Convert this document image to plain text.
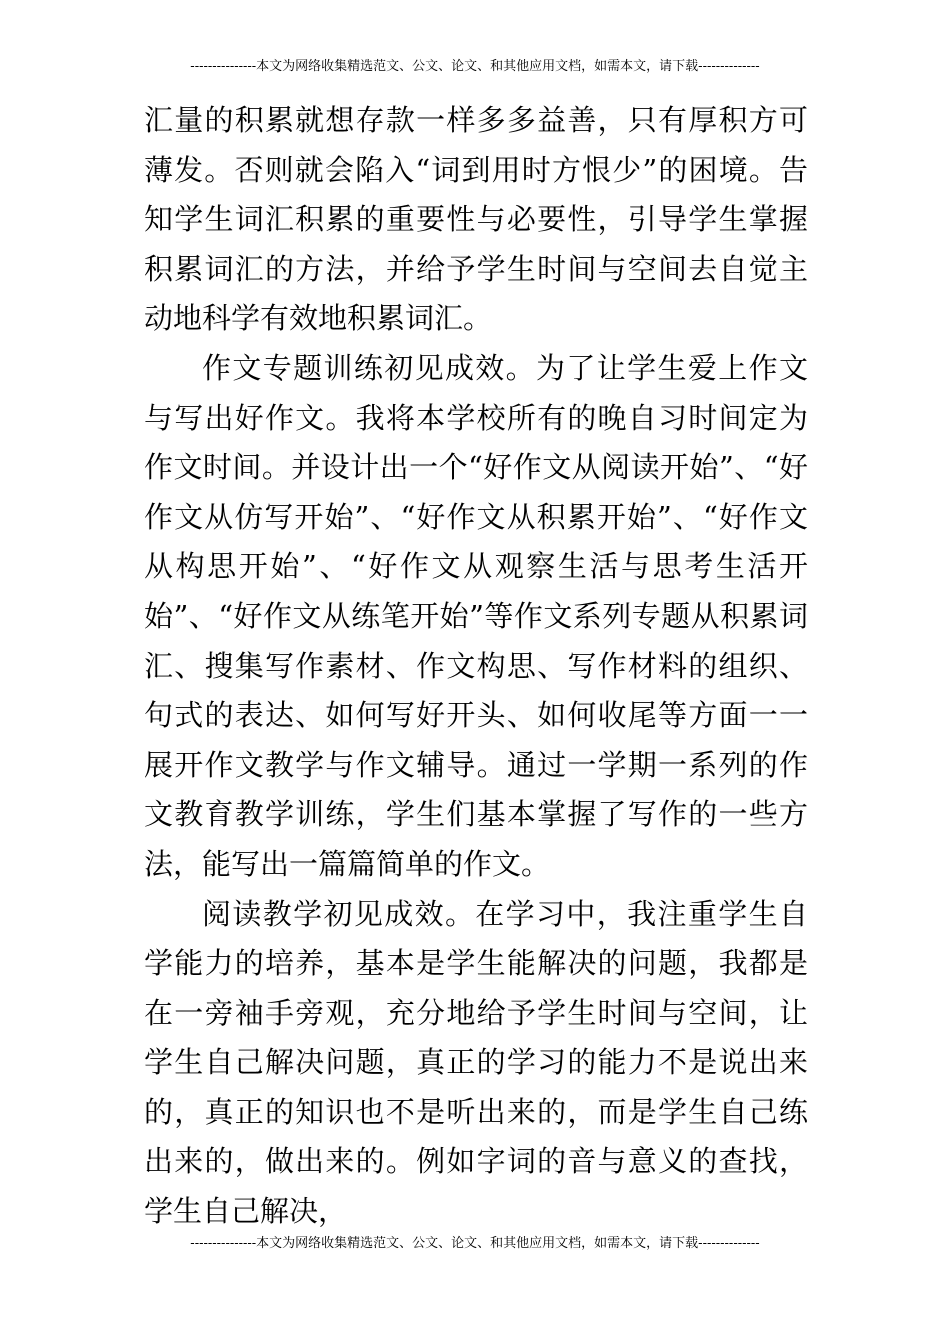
---------------本文为网络收集精选范文、公文、论文、和其他应用文档，如需本文，请下载--------------

汇量的积累就想存款一样多多益善，只有厚积方可薄发。否则就会陷入“词到用时方恨少”的困境。告知学生词汇积累的重要性与必要性，引导学生掌握积累词汇的方法，并给予学生时间与空间去自觉主动地科学有效地积累词汇。

作文专题训练初见成效。为了让学生爱上作文与写出好作文。我将本学校所有的晚自习时间定为作文时间。并设计出一个“好作文从阅读开始”、“好作文从仿写开始”、“好作文从积累开始”、“好作文从构思开始”、“好作文从观察生活与思考生活开始”、“好作文从练笔开始”等作文系列专题从积累词汇、搜集写作素材、作文构思、写作材料的组织、句式的表达、如何写好开头、如何收尾等方面一一展开作文教学与作文辅导。通过一学期一系列的作文教育教学训练，学生们基本掌握了写作的一些方法，能写出一篇篇简单的作文。

阅读教学初见成效。在学习中，我注重学生自学能力的培养，基本是学生能解决的问题，我都是在一旁袖手旁观，充分地给予学生时间与空间，让学生自己解决问题，真正的学习的能力不是说出来的，真正的知识也不是听出来的，而是学生自己练出来的，做出来的。例如字词的音与意义的查找，学生自己解决，

---------------本文为网络收集精选范文、公文、论文、和其他应用文档，如需本文，请下载--------------
